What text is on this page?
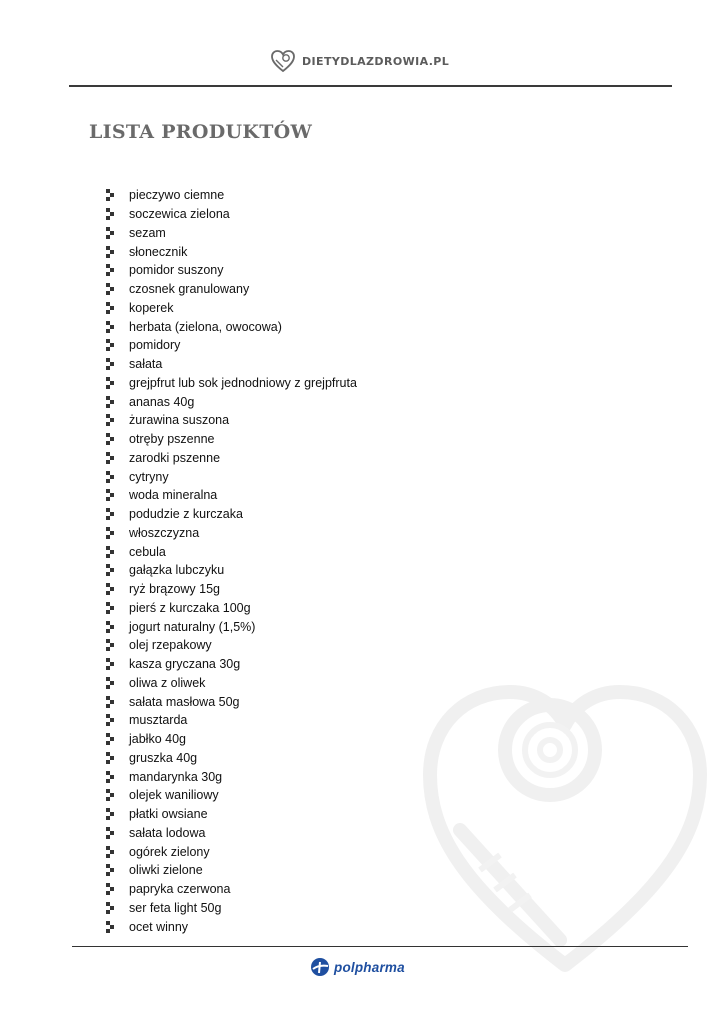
DIETYDLAZDROWIA.PL
LISTA PRODUKTÓW
pieczywo ciemne
soczewica zielona
sezam
słonecznik
pomidor suszony
czosnek granulowany
koperek
herbata (zielona, owocowa)
pomidory
sałata
grejpfrut lub sok jednodniowy z grejpfruta
ananas 40g
żurawina suszona
otręby pszenne
zarodki pszenne
cytryny
woda mineralna
podudzie z kurczaka
włoszczyzna
cebula
gałązka lubczyku
ryż brązowy 15g
pierś z kurczaka 100g
jogurt naturalny (1,5%)
olej rzepakowy
kasza gryczana 30g
oliwa z oliwek
sałata masłowa 50g
musztarda
jabłko 40g
gruszka 40g
mandarynka 30g
olejek waniliowy
płatki owsiane
sałata lodowa
ogórek zielony
oliwki zielone
papryka czerwona
ser feta light 50g
ocet winny
polpharma
